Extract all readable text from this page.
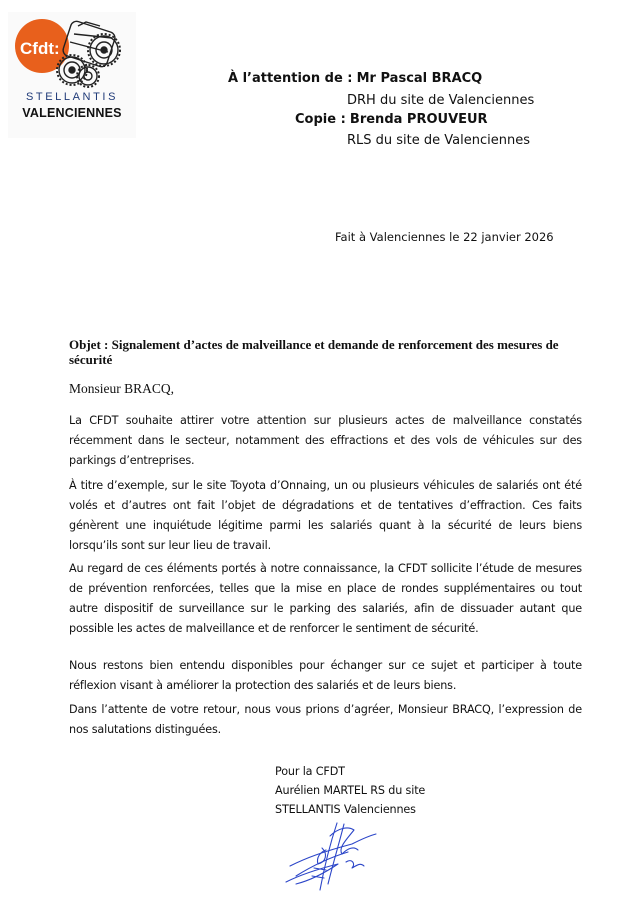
Cfdt:
STELLANTIS
VALENCIENNES
À l’attention de : Mr Pascal BRACQ
DRH du site de Valenciennes
Copie : Brenda PROUVEUR
RLS du site de Valenciennes
Fait à Valenciennes le 22 janvier 2026
Objet : Signalement d’actes de malveillance et demande de renforcement des mesures de sécurité
Monsieur BRACQ,
La CFDT souhaite attirer votre attention sur plusieurs actes de malveillance constatés récemment dans le secteur, notamment des effractions et des vols de véhicules sur des parkings d’entreprises.
À titre d’exemple, sur le site Toyota d’Onnaing, un ou plusieurs véhicules de salariés ont été volés et d’autres ont fait l’objet de dégradations et de tentatives d’effraction. Ces faits génèrent une inquiétude légitime parmi les salariés quant à la sécurité de leurs biens lorsqu’ils sont sur leur lieu de travail.
Au regard de ces éléments portés à notre connaissance, la CFDT sollicite l’étude de mesures de prévention renforcées, telles que la mise en place de rondes supplémentaires ou tout autre dispositif de surveillance sur le parking des salariés, afin de dissuader autant que possible les actes de malveillance et de renforcer le sentiment de sécurité.
Nous restons bien entendu disponibles pour échanger sur ce sujet et participer à toute réflexion visant à améliorer la protection des salariés et de leurs biens.
Dans l’attente de votre retour, nous vous prions d’agréer, Monsieur BRACQ, l’expression de nos salutations distinguées.
Pour la CFDT
Aurélien MARTEL RS du site
STELLANTIS Valenciennes
